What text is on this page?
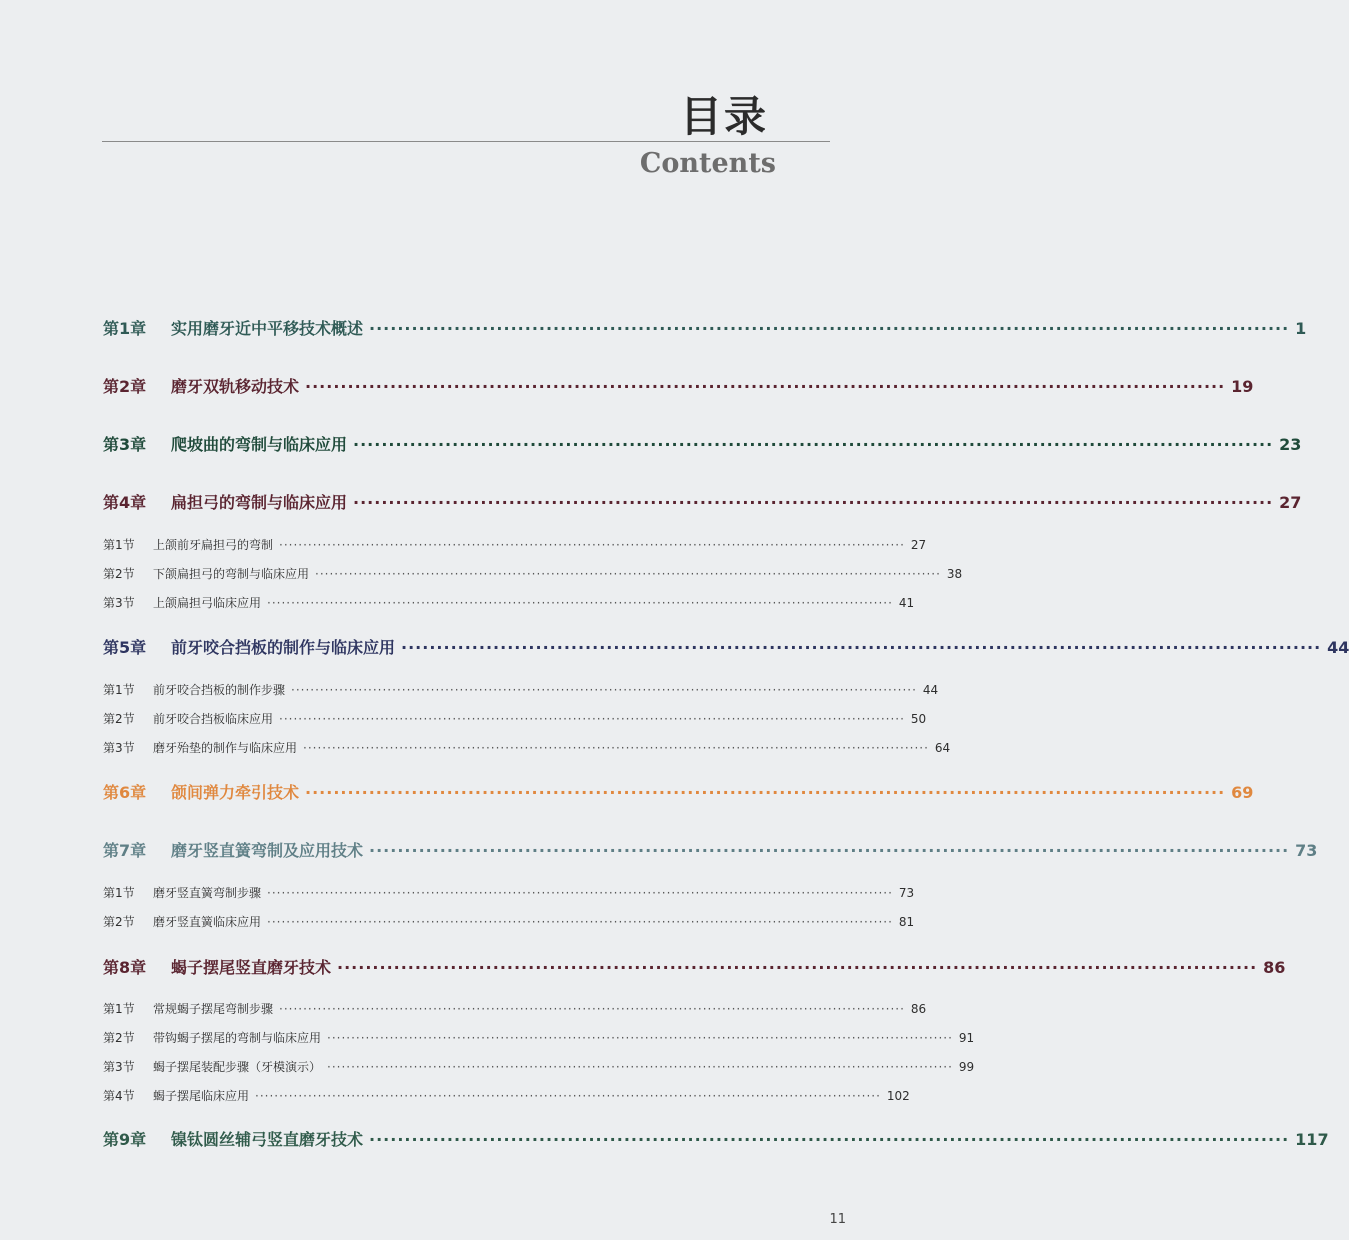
目录
Contents
第1章	实用磨牙近中平移技术概述 ·································································································································· 1
第2章	磨牙双轨移动技术 ·································································································································· 19
第3章	爬坡曲的弯制与临床应用 ·································································································································· 23
第4章	扁担弓的弯制与临床应用 ·································································································································· 27
第1节	上颌前牙扁担弓的弯制 ·································································································································· 27
第2节	下颌扁担弓的弯制与临床应用 ·································································································································· 38
第3节	上颌扁担弓临床应用 ·································································································································· 41
第5章	前牙咬合挡板的制作与临床应用 ·································································································································· 44
第1节	前牙咬合挡板的制作步骤 ·································································································································· 44
第2节	前牙咬合挡板临床应用 ·································································································································· 50
第3节	磨牙殆垫的制作与临床应用 ·································································································································· 64
第6章	颌间弹力牵引技术 ·································································································································· 69
第7章	磨牙竖直簧弯制及应用技术 ·································································································································· 73
第1节	磨牙竖直簧弯制步骤 ·································································································································· 73
第2节	磨牙竖直簧临床应用 ·································································································································· 81
第8章	蝎子摆尾竖直磨牙技术 ·································································································································· 86
第1节	常规蝎子摆尾弯制步骤 ·································································································································· 86
第2节	带钩蝎子摆尾的弯制与临床应用 ·································································································································· 91
第3节	蝎子摆尾装配步骤（牙模演示） ·································································································································· 99
第4节	蝎子摆尾临床应用 ·································································································································· 102
第9章	镍钛圆丝辅弓竖直磨牙技术 ·································································································································· 117
11
